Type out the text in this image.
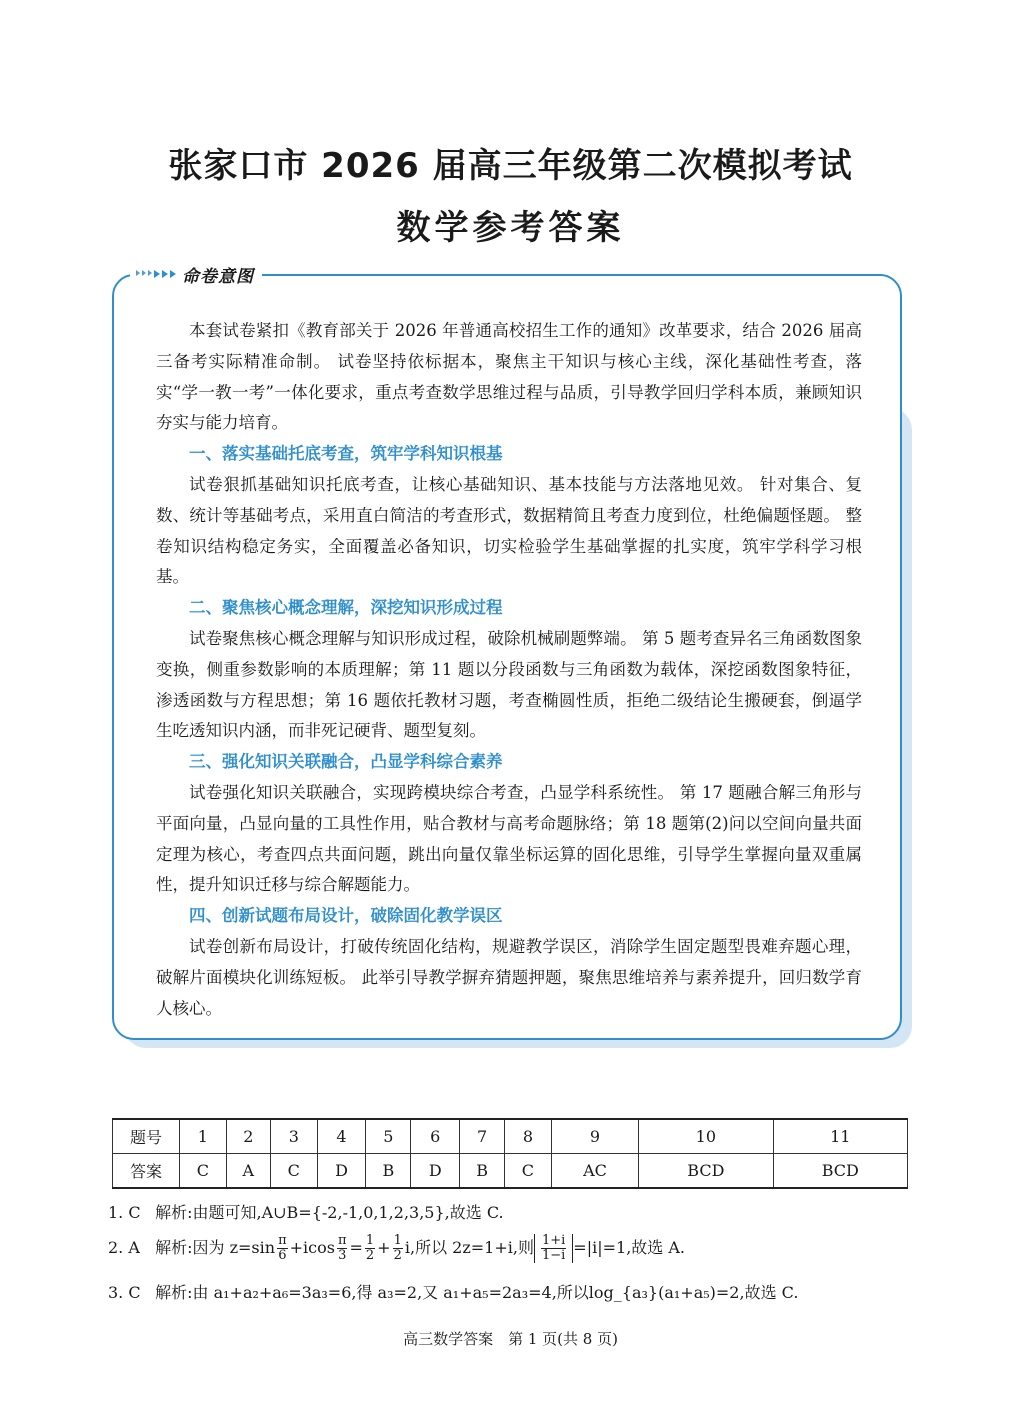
张家口市 2026 届高三年级第二次模拟考试
数学参考答案
命卷意图

本套试卷紧扣《教育部关于 2026 年普通高校招生工作的通知》改革要求，结合 2026 届高三备考实际精准命制。 试卷坚持依标据本，聚焦主干知识与核心主线，深化基础性考查，落实“学一教一考”一体化要求，重点考查数学思维过程与品质，引导教学回归学科本质，兼顾知识夯实与能力培育。

一、落实基础托底考查，筑牢学科知识根基

试卷狠抓基础知识托底考查，让核心基础知识、基本技能与方法落地见效。 针对集合、复数、统计等基础考点，采用直白简洁的考查形式，数据精简且考查力度到位，杜绝偏题怪题。 整卷知识结构稳定务实，全面覆盖必备知识，切实检验学生基础掌握的扎实度，筑牢学科学习根基。

二、聚焦核心概念理解，深挖知识形成过程

试卷聚焦核心概念理解与知识形成过程，破除机械刷题弊端。 第 5 题考查异名三角函数图象变换，侧重参数影响的本质理解；第 11 题以分段函数与三角函数为载体，深挖函数图象特征，渗透函数与方程思想；第 16 题依托教材习题，考查椭圆性质，拒绝二级结论生搬硬套，倒逼学生吃透知识内涵，而非死记硬背、题型复刻。

三、强化知识关联融合，凸显学科综合素养

试卷强化知识关联融合，实现跨模块综合考查，凸显学科系统性。 第 17 题融合解三角形与平面向量，凸显向量的工具性作用，贴合教材与高考命题脉络；第 18 题第(2)问以空间向量共面定理为核心，考查四点共面问题，跳出向量仅靠坐标运算的固化思维，引导学生掌握向量双重属性，提升知识迁移与综合解题能力。

四、创新试题布局设计，破除固化教学误区

试卷创新布局设计，打破传统固化结构，规避教学误区，消除学生固定题型畏难弃题心理，破解片面模块化训练短板。 此举引导教学摒弃猜题押题，聚焦思维培养与素养提升，回归数学育人核心。

题号	1	2	3	4	5	6	7	8	9	10	11
答案	C	A	C	D	B	D	B	C	AC	BCD	BCD
1. C 解析:由题可知,A∪B={-2,-1,0,1,2,3,5},故选 C.
2. A 解析:因为 $z=\sin \frac{\pi}{6} +icos \frac{\pi}{3} = \frac{1}{2} + \frac{1}{2} i$,所以 2z=1+i,则 $\frac{1+i}{1-i} =|i|=1$,故选 A.
3. C 解析:由 a₁+a₂+a₆=3a₃=6,得 a₃=2,又 a₁+a₅=2a₃=4,所以log_{a₃}(a₁+a₅)=2,故选 C.
高三数学答案　第 1 页(共 8 页)
